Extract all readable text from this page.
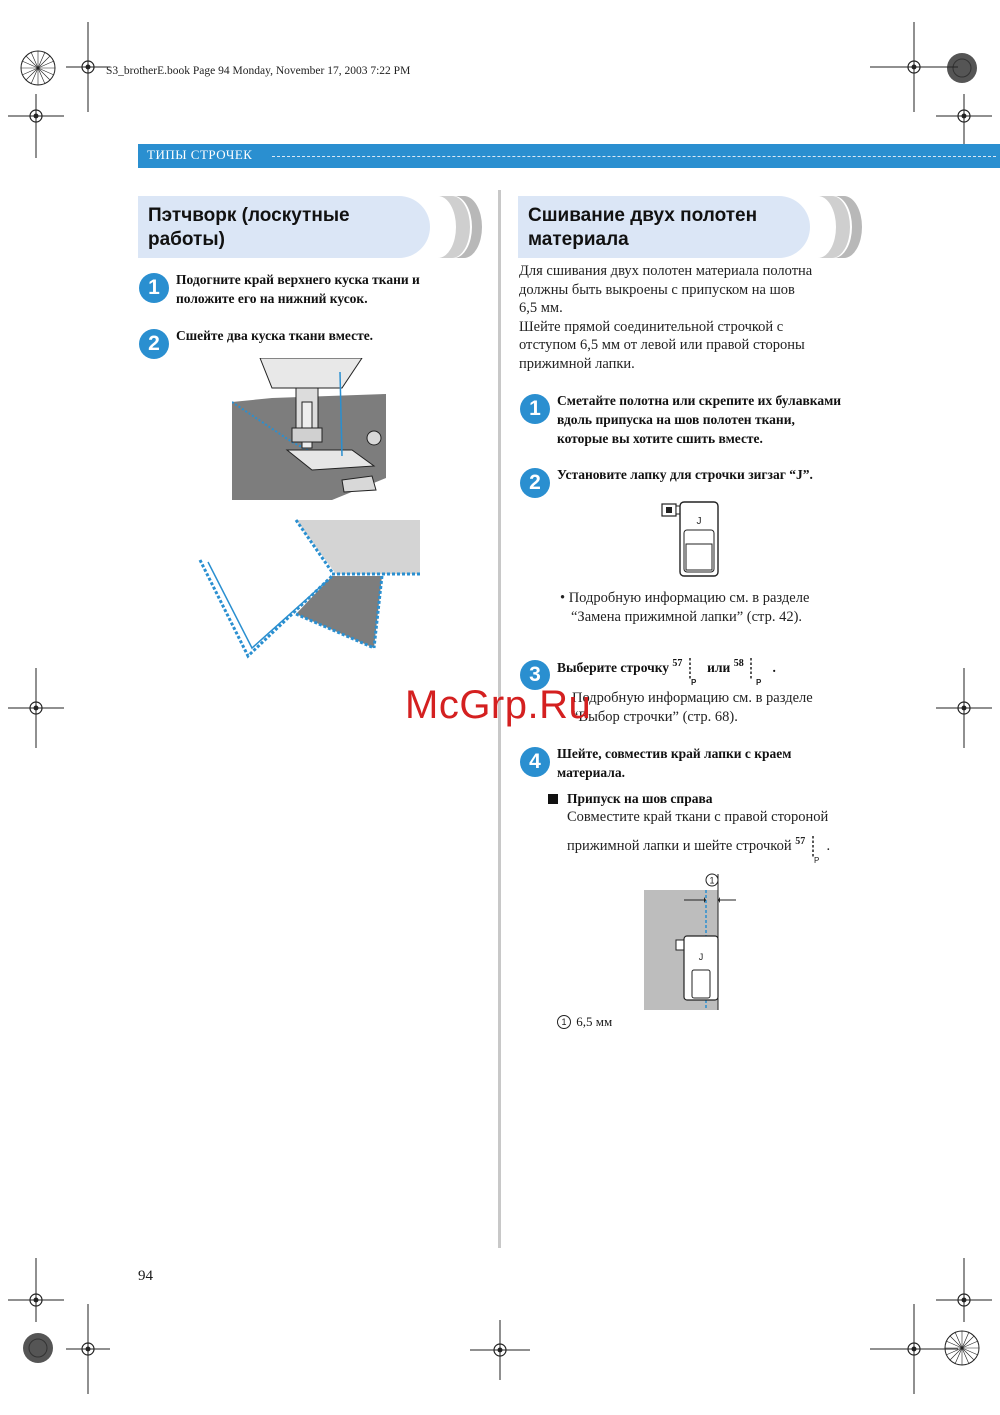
S3_brotherE.book Page 94 Monday, November 17, 2003 7:22 PM
ТИПЫ СТРОЧЕК
Пэтчворк (лоскутные
работы)
1	Подогните край верхнего куска ткани и
положите его на нижний кусок.
2	Сшейте два куска ткани вместе.
Сшивание двух полотен
материала
Для сшивания двух полотен материала полотна
должны быть выкроены с припуском на шов
6,5 мм.
Шейте прямой соединительной строчкой с
отступом 6,5 мм от левой или правой стороны
прижимной лапки.
1	Сметайте полотна или скрепите их булавками
вдоль припуска на шов полотен ткани,
которые вы хотите сшить вместе.
2	Установите лапку для строчки зигзаг “J”.
J
• Подробную информацию см. в разделе
“Замена прижимной лапки” (стр. 42).
3	Выберите строчку $^{57}$
P
или $^{58}$
P
.
Подробную информацию см. в разделе
“Выбор строчки” (стр. 68).
4	Шейте, совместив край лапки с краем
материала.
Припуск на шов справа
Совместите край ткани с правой стороной
прижимной лапки и шейте строчкой $^{57}$
P
.
1
J
1 6,5 мм
94
McGrp.Ru
